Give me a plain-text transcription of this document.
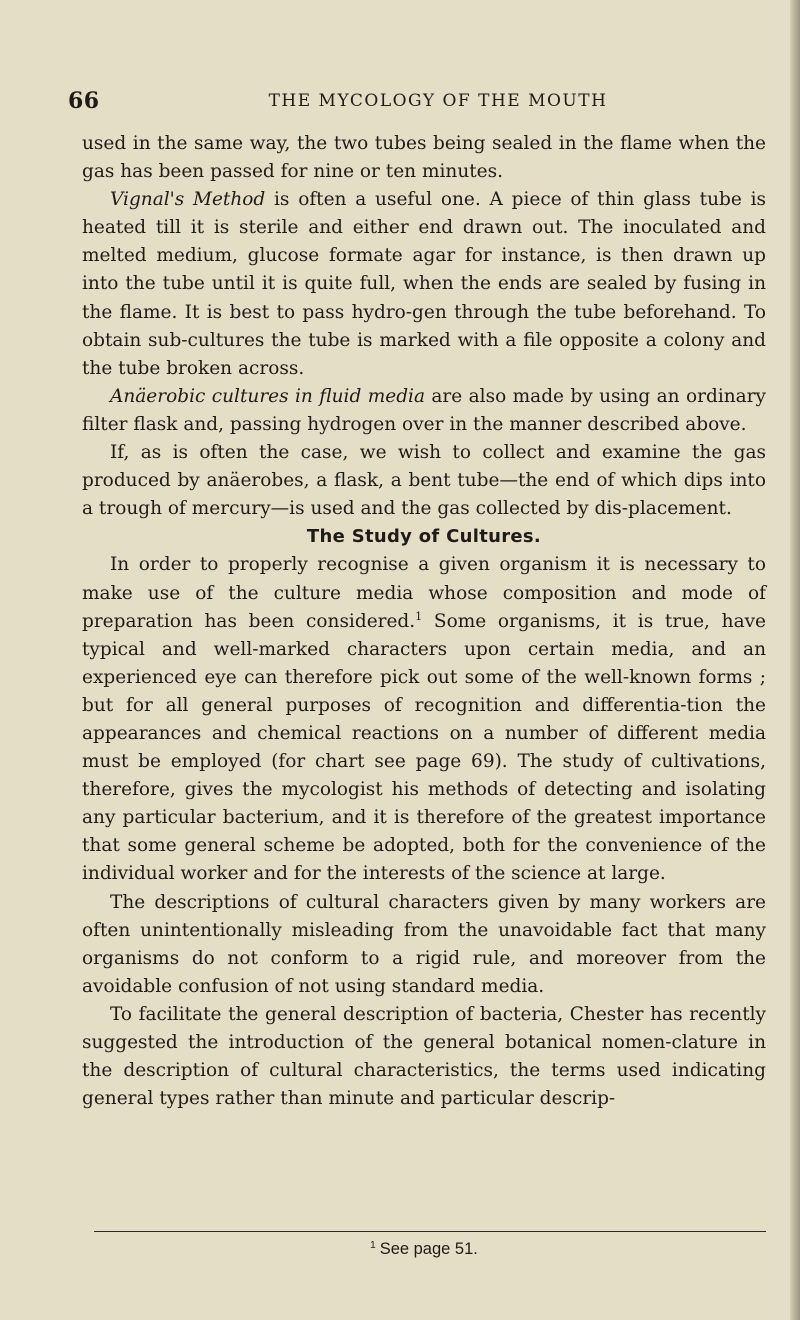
66	THE MYCOLOGY OF THE MOUTH

used in the same way, the two tubes being sealed in the flame when the gas has been passed for nine or ten minutes.

Vignal's Method is often a useful one. A piece of thin glass tube is heated till it is sterile and either end drawn out. The inoculated and melted medium, glucose formate agar for instance, is then drawn up into the tube until it is quite full, when the ends are sealed by fusing in the flame. It is best to pass hydro-gen through the tube beforehand. To obtain sub-cultures the tube is marked with a file opposite a colony and the tube broken across.

Anäerobic cultures in fluid media are also made by using an ordinary filter flask and, passing hydrogen over in the manner described above.

If, as is often the case, we wish to collect and examine the gas produced by anäerobes, a flask, a bent tube—the end of which dips into a trough of mercury—is used and the gas collected by dis-placement.

The Study of Cultures.

In order to properly recognise a given organism it is necessary to make use of the culture media whose composition and mode of preparation has been considered.$^1$ Some organisms, it is true, have typical and well-marked characters upon certain media, and an experienced eye can therefore pick out some of the well-known forms ; but for all general purposes of recognition and differentia-tion the appearances and chemical reactions on a number of different media must be employed (for chart see page 69). The study of cultivations, therefore, gives the mycologist his methods of detecting and isolating any particular bacterium, and it is therefore of the greatest importance that some general scheme be adopted, both for the convenience of the individual worker and for the interests of the science at large.

The descriptions of cultural characters given by many workers are often unintentionally misleading from the unavoidable fact that many organisms do not conform to a rigid rule, and moreover from the avoidable confusion of not using standard media.

To facilitate the general description of bacteria, Chester has recently suggested the introduction of the general botanical nomen-clature in the description of cultural characteristics, the terms used indicating general types rather than minute and particular descrip-

$^1$ See page 51.
